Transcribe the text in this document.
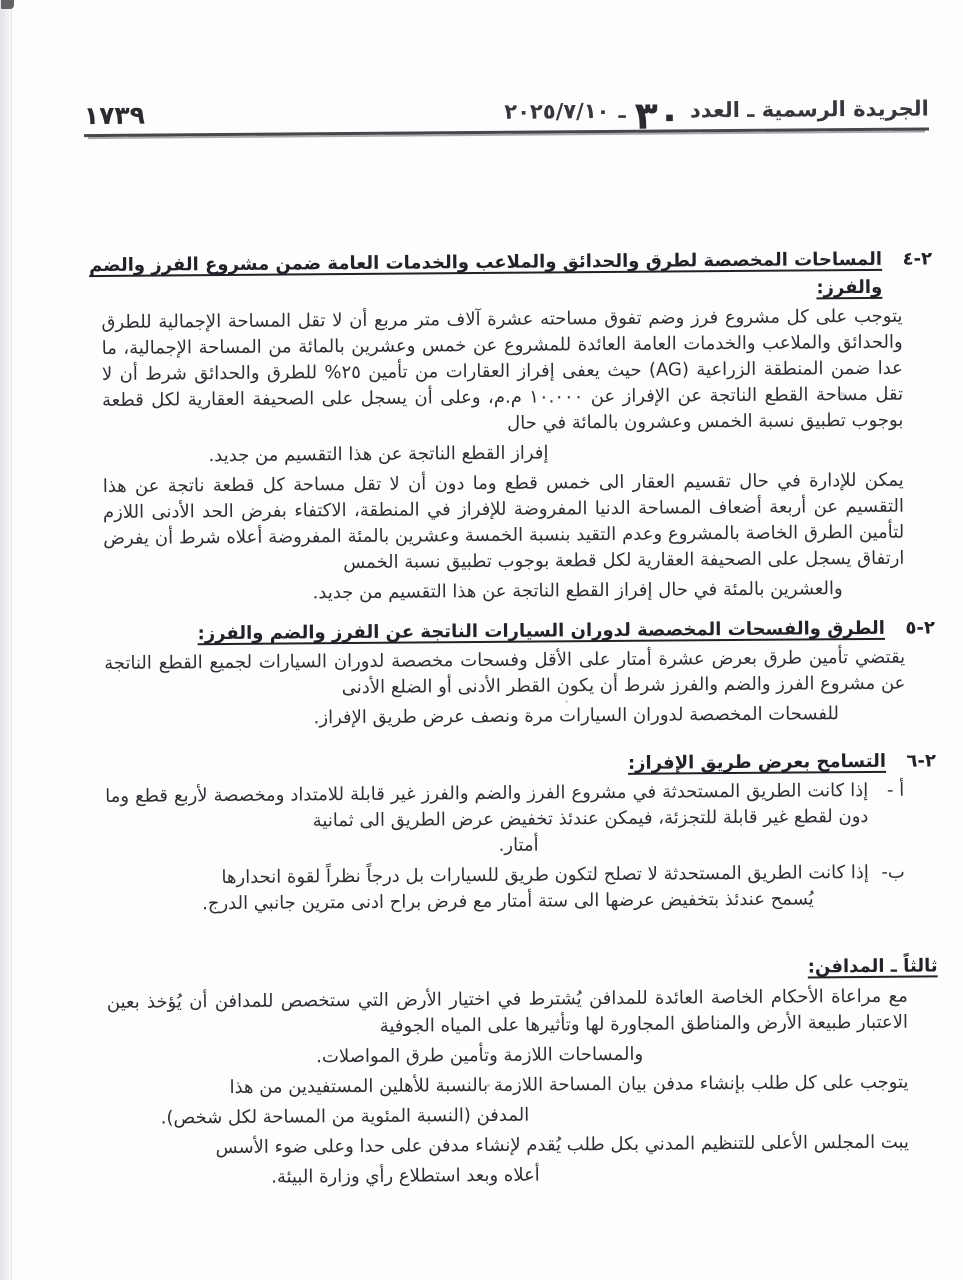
الجريدة الرسمية ـ العدد
٣٠
ـ
٢٠٢٥/٧/١٠
١٧٣٩
٢-٤
المساحات المخصصة لطرق والحدائق والملاعب والخدمات العامة ضمن مشروع الفرز والضم
والفرز:
يتوجب على كل مشروع فرز وضم تفوق مساحته عشرة آلاف متر مربع أن لا تقل المساحة الإجمالية للطرق والحدائق والملاعب والخدمات العامة العائدة للمشروع عن خمس وعشرين بالمائة من المساحة الإجمالية، ما عدا ضمن المنطقة الزراعية (AG) حيث يعفى إفراز العقارات من تأمين ٢٥% للطرق والحدائق شرط أن لا تقل مساحة القطع الناتجة عن الإفراز عن ١٠.٠٠٠ م.م، وعلى أن يسجل على الصحيفة العقارية لكل قطعة بوجوب تطبيق نسبة الخمس وعشرون بالمائة في حال
إفراز القطع الناتجة عن هذا التقسيم من جديد.
يمكن للإدارة في حال تقسيم العقار الى خمس قطع وما دون أن لا تقل مساحة كل قطعة ناتجة عن هذا التقسيم عن أربعة أضعاف المساحة الدنيا المفروضة للإفراز في المنطقة، الاكتفاء بفرض الحد الأدنى اللازم لتأمين الطرق الخاصة بالمشروع وعدم التقيد بنسبة الخمسة وعشرين بالمئة المفروضة أعلاه شرط أن يفرض ارتفاق يسجل على الصحيفة العقارية لكل قطعة بوجوب تطبيق نسبة الخمس
والعشرين بالمئة في حال إفراز القطع الناتجة عن هذا التقسيم من جديد.
٢-٥
الطرق والفسحات المخصصة لدوران السيارات الناتجة عن الفرز والضم والفرز:
يقتضي تأمين طرق بعرض عشرة أمتار على الأقل وفسحات مخصصة لدوران السيارات لجميع القطع الناتجة عن مشروع الفرز والضم والفرز شرط أن يكون القطر الأدنى أو الضلع الأدنى
للفسحات المخصصة لدوران السيارات مرة ونصف عرض طريق الإفراز.
٢-٦
التسامح بعرض طريق الإفراز:
أ -
إذا كانت الطريق المستحدثة في مشروع الفرز والضم والفرز غير قابلة للامتداد ومخصصة لأربع قطع وما دون لقطع غير قابلة للتجزئة، فيمكن عندئذ تخفيض عرض الطريق الى ثمانية
أمتار.
ب-
إذا كانت الطريق المستحدثة لا تصلح لتكون طريق للسيارات بل درجاً نظراً لقوة انحدارها
يُسمح عندئذ بتخفيض عرضها الى ستة أمتار مع فرض براح ادنى مترين جانبي الدرج.
ثالثاً ـ المدافن:
مع مراعاة الأحكام الخاصة العائدة للمدافن يُشترط في اختيار الأرض التي ستخصص للمدافن أن يُؤخذ بعين الاعتبار طبيعة الأرض والمناطق المجاورة لها وتأثيرها على المياه الجوفية
والمساحات اللازمة وتأمين طرق المواصلات.
يتوجب على كل طلب بإنشاء مدفن بيان المساحة اللازمة بالنسبة للأهلين المستفيدين من هذا
المدفن (النسبة المئوية من المساحة لكل شخص).
يبت المجلس الأعلى للتنظيم المدني بكل طلب يُقدم لإنشاء مدفن على حدا وعلى ضوء الأسس
أعلاه وبعد استطلاع رأي وزارة البيئة.
